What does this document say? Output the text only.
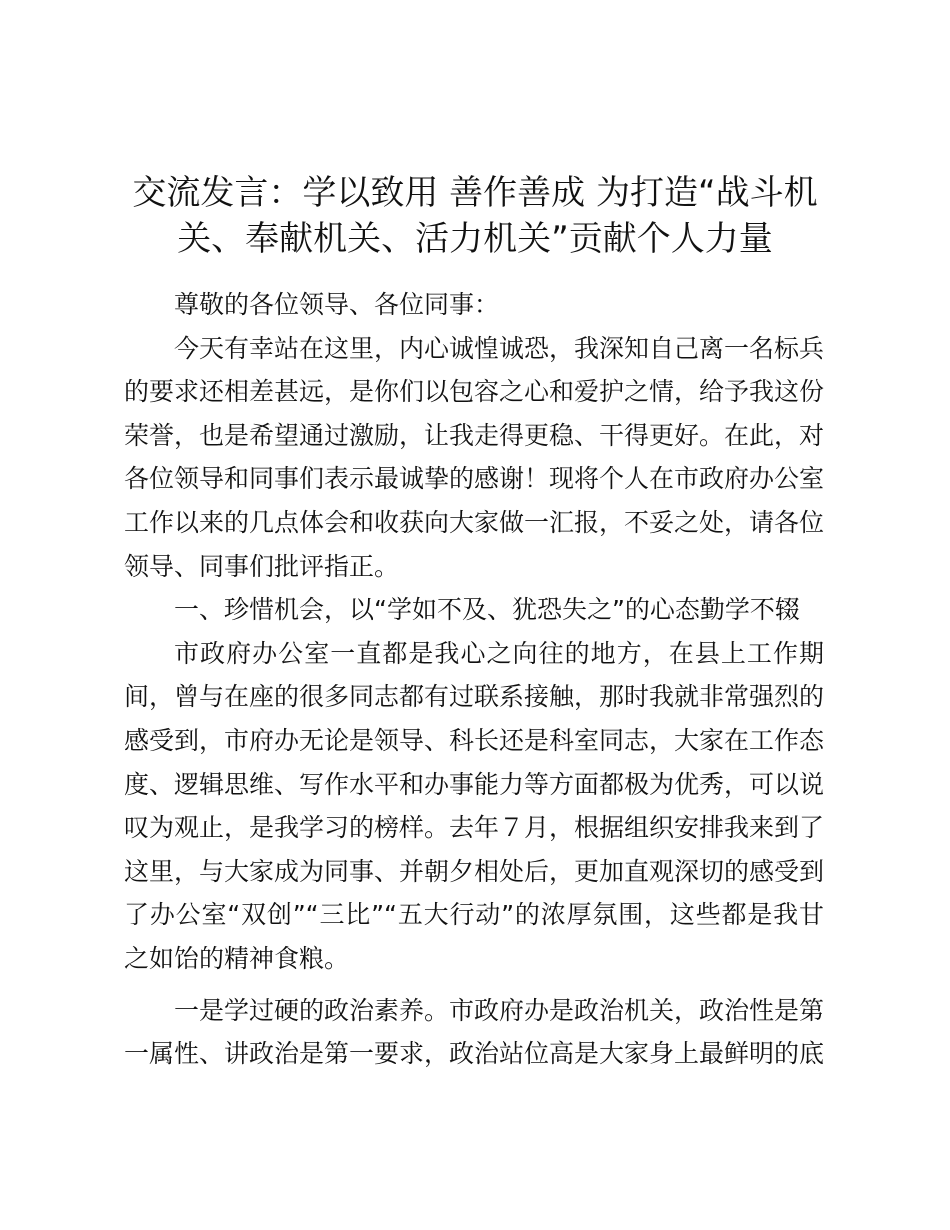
交流发言：学以致用 善作善成 为打造“战斗机关、奉献机关、活力机关”贡献个人力量

尊敬的各位领导、各位同事：

今天有幸站在这里，内心诚惶诚恐，我深知自己离一名标兵的要求还相差甚远，是你们以包容之心和爱护之情，给予我这份荣誉，也是希望通过激励，让我走得更稳、干得更好。在此，对各位领导和同事们表示最诚挚的感谢！现将个人在市政府办公室工作以来的几点体会和收获向大家做一汇报，不妥之处，请各位领导、同事们批评指正。

一、珍惜机会，以“学如不及、犹恐失之”的心态勤学不辍

市政府办公室一直都是我心之向往的地方，在县上工作期间，曾与在座的很多同志都有过联系接触，那时我就非常强烈的感受到，市府办无论是领导、科长还是科室同志，大家在工作态度、逻辑思维、写作水平和办事能力等方面都极为优秀，可以说叹为观止，是我学习的榜样。去年７月，根据组织安排我来到了这里，与大家成为同事、并朝夕相处后，更加直观深切的感受到了办公室“双创”“三比”“五大行动”的浓厚氛围，这些都是我甘之如饴的精神食粮。

一是学过硬的政治素养。市政府办是政治机关，政治性是第一属性、讲政治是第一要求，政治站位高是大家身上最鲜明的底
